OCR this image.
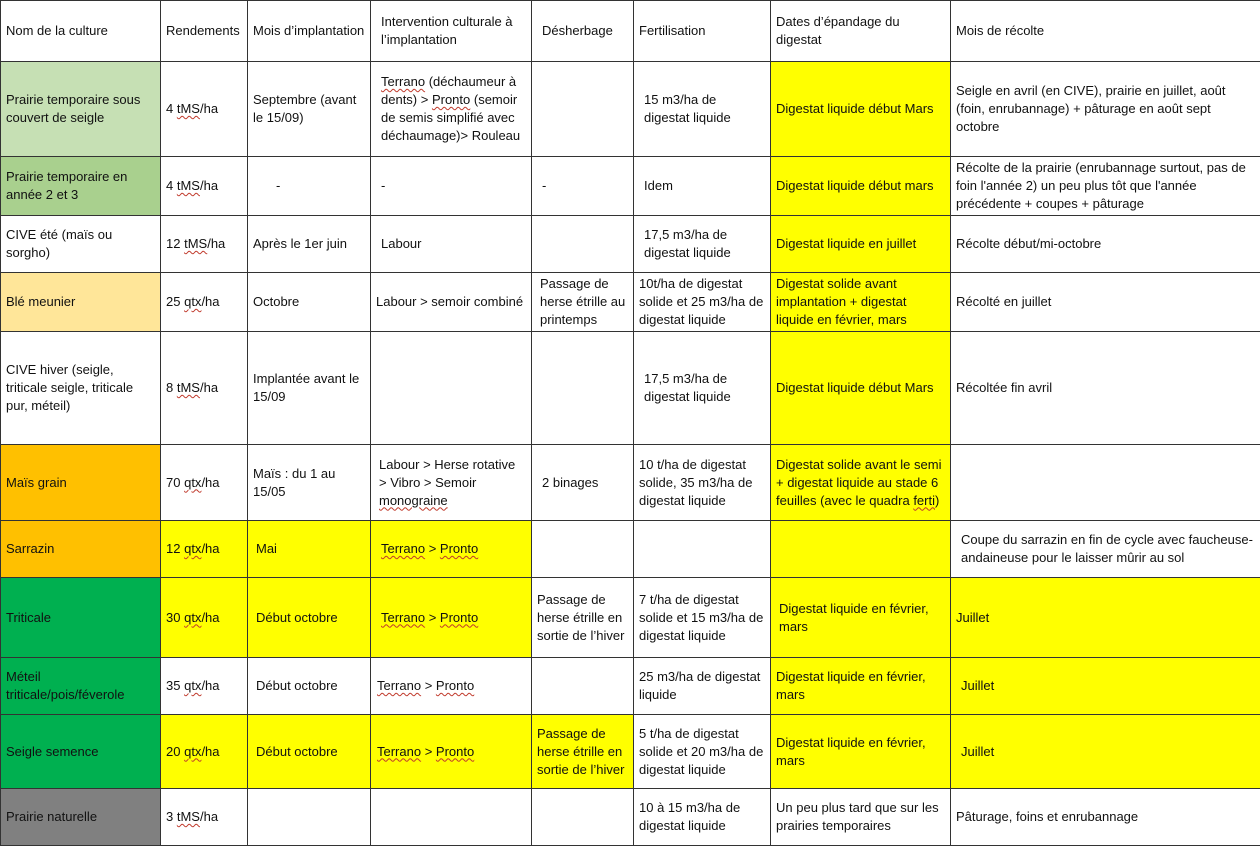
Nom de la culture	Rendements	Mois d’implantation	Intervention culturale à l’implantation	Désherbage	Fertilisation	Dates d’épandage du digestat	Mois de récolte
Prairie temporaire sous couvert de seigle	4 tMS/ha	Septembre (avant le 15/09)	Terrano (déchaumeur à dents) > Pronto (semoir de semis simplifié avec déchaumage)> Rouleau		15 m3/ha de digestat liquide	Digestat liquide début Mars	Seigle en avril (en CIVE), prairie en juillet, août (foin, enrubannage) + pâturage en août sept octobre
Prairie temporaire en année 2 et 3	4 tMS/ha	-	-	-	Idem	Digestat liquide début mars	Récolte de la prairie (enrubannage surtout, pas de foin l'année 2) un peu plus tôt que l'année précédente + coupes + pâturage
CIVE été (maïs ou sorgho)	12 tMS/ha	Après le 1er juin	Labour		17,5 m3/ha de digestat liquide	Digestat liquide en juillet	Récolte début/mi-octobre
Blé meunier	25 qtx/ha	Octobre	Labour > semoir combiné	Passage de herse étrille au printemps	10t/ha de digestat solide et 25 m3/ha de digestat liquide	Digestat solide avant implantation + digestat liquide en février, mars	Récolté en juillet
CIVE hiver (seigle, triticale seigle, triticale pur, méteil)	8 tMS/ha	Implantée avant le 15/09			17,5 m3/ha de digestat liquide	Digestat liquide début Mars	Récoltée fin avril
Maïs grain	70 qtx/ha	Maïs : du 1 au 15/05	Labour > Herse rotative > Vibro > Semoir monograine	2 binages	10 t/ha de digestat solide, 35 m3/ha de digestat liquide	Digestat solide avant le semi + digestat liquide au stade 6 feuilles (avec le quadra ferti)	
Sarrazin	12 qtx/ha	Mai	Terrano > Pronto				Coupe du sarrazin en fin de cycle avec faucheuse-andaineuse pour le laisser mûrir au sol
Triticale	30 qtx/ha	Début octobre	Terrano > Pronto	Passage de herse étrille en sortie de l’hiver	7 t/ha de digestat solide et 15 m3/ha de digestat liquide	Digestat liquide en février, mars	Juillet
Méteil triticale/pois/féverole	35 qtx/ha	Début octobre	Terrano > Pronto		25 m3/ha de digestat liquide	Digestat liquide en février, mars	Juillet
Seigle semence	20 qtx/ha	Début octobre	Terrano > Pronto	Passage de herse étrille en sortie de l’hiver	5 t/ha de digestat solide et 20 m3/ha de digestat liquide	Digestat liquide en février, mars	Juillet
Prairie naturelle	3 tMS/ha				10 à 15 m3/ha de digestat liquide	Un peu plus tard que sur les prairies temporaires	Pâturage, foins et enrubannage
